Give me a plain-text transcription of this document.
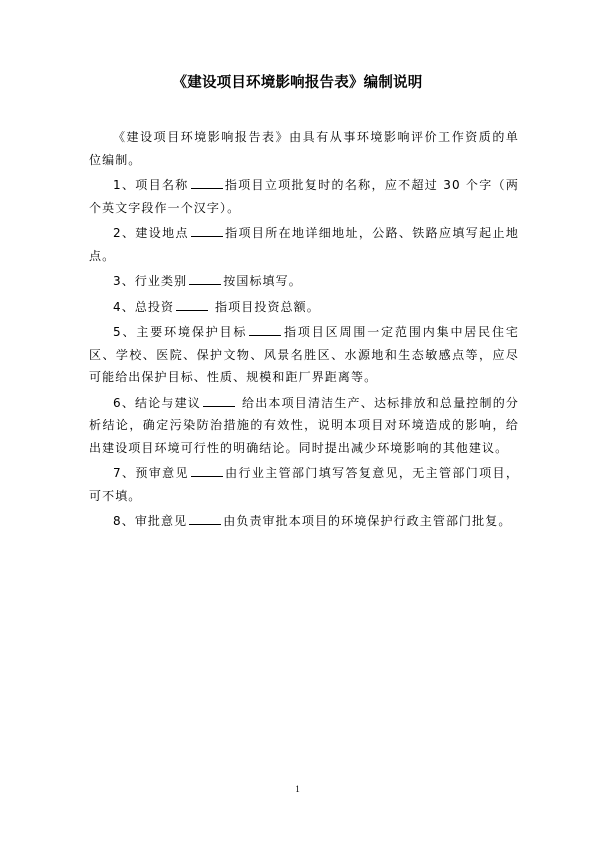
《建设项目环境影响报告表》编制说明

《建设项目环境影响报告表》由具有从事环境影响评价工作资质的单位编制。

1、项目名称	指项目立项批复时的名称，应不超过 30 个字（两个英文字段作一个汉字）。

2、建设地点	指项目所在地详细地址，公路、铁路应填写起止地点。

3、行业类别	按国标填写。

4、总投资	指项目投资总额。

5、主要环境保护目标	指项目区周围一定范围内集中居民住宅区、学校、医院、保护文物、风景名胜区、水源地和生态敏感点等，应尽可能给出保护目标、性质、规模和距厂界距离等。

6、结论与建议	给出本项目清洁生产、达标排放和总量控制的分析结论，确定污染防治措施的有效性，说明本项目对环境造成的影响，给出建设项目环境可行性的明确结论。同时提出减少环境影响的其他建议。

7、预审意见	由行业主管部门填写答复意见，无主管部门项目，可不填。

8、审批意见	由负责审批本项目的环境保护行政主管部门批复。

1
